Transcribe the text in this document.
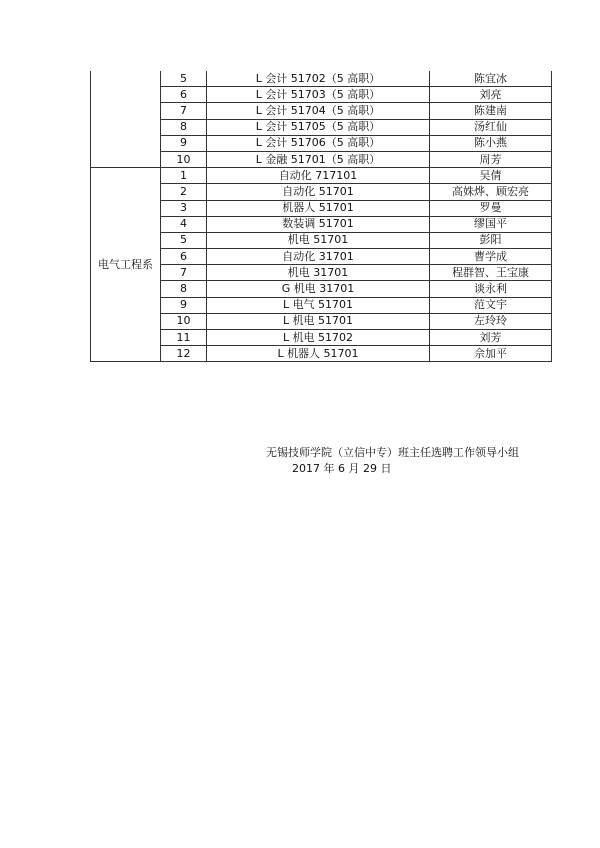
	5	L 会计 51702（5 高职）	陈宜冰
	6	L 会计 51703（5 高职）	刘亮
	7	L 会计 51704（5 高职）	陈建南
	8	L 会计 51705（5 高职）	汤红仙
	9	L 会计 51706（5 高职）	陈小燕
	10	L 金融 51701（5 高职）	周芳
电气工程系	1	自动化 717101	吴倩
	2	自动化 51701	高姝烨、顾宏亮
	3	机器人 51701	罗曼
	4	数装调 51701	缪国平
	5	机电 51701	彭阳
	6	自动化 31701	曹学成
	7	机电 31701	程群智、王宝康
	8	G 机电 31701	谈永利
	9	L 电气 51701	范文宇
	10	L 机电 51701	左玲玲
	11	L 机电 51702	刘芳
	12	L 机器人 51701	佘加平
无锡技师学院（立信中专）班主任选聘工作领导小组
2017 年 6 月 29 日
